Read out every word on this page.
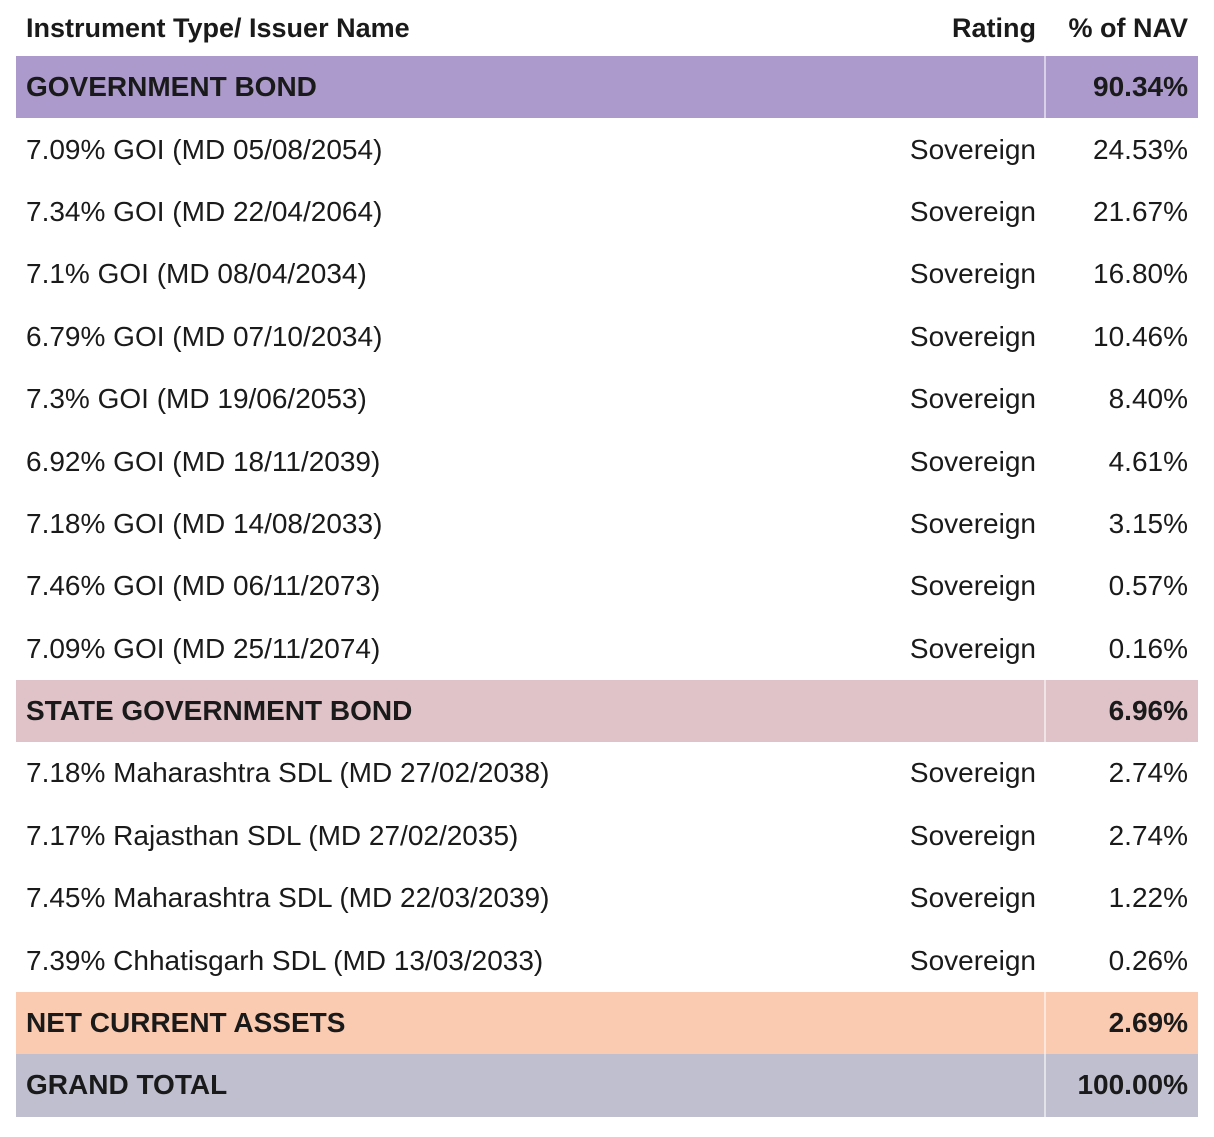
Instrument Type/ Issuer Name	Rating	% of NAV
GOVERNMENT BOND	90.34%
7.09% GOI (MD 05/08/2054)	Sovereign	24.53%
7.34% GOI (MD 22/04/2064)	Sovereign	21.67%
7.1% GOI (MD 08/04/2034)	Sovereign	16.80%
6.79% GOI (MD 07/10/2034)	Sovereign	10.46%
7.3% GOI (MD 19/06/2053)	Sovereign	8.40%
6.92% GOI (MD 18/11/2039)	Sovereign	4.61%
7.18% GOI (MD 14/08/2033)	Sovereign	3.15%
7.46% GOI (MD 06/11/2073)	Sovereign	0.57%
7.09% GOI (MD 25/11/2074)	Sovereign	0.16%
STATE GOVERNMENT BOND	6.96%
7.18% Maharashtra SDL (MD 27/02/2038)	Sovereign	2.74%
7.17% Rajasthan SDL (MD 27/02/2035)	Sovereign	2.74%
7.45% Maharashtra SDL (MD 22/03/2039)	Sovereign	1.22%
7.39% Chhatisgarh SDL (MD 13/03/2033)	Sovereign	0.26%
NET CURRENT ASSETS	2.69%
GRAND TOTAL	100.00%
